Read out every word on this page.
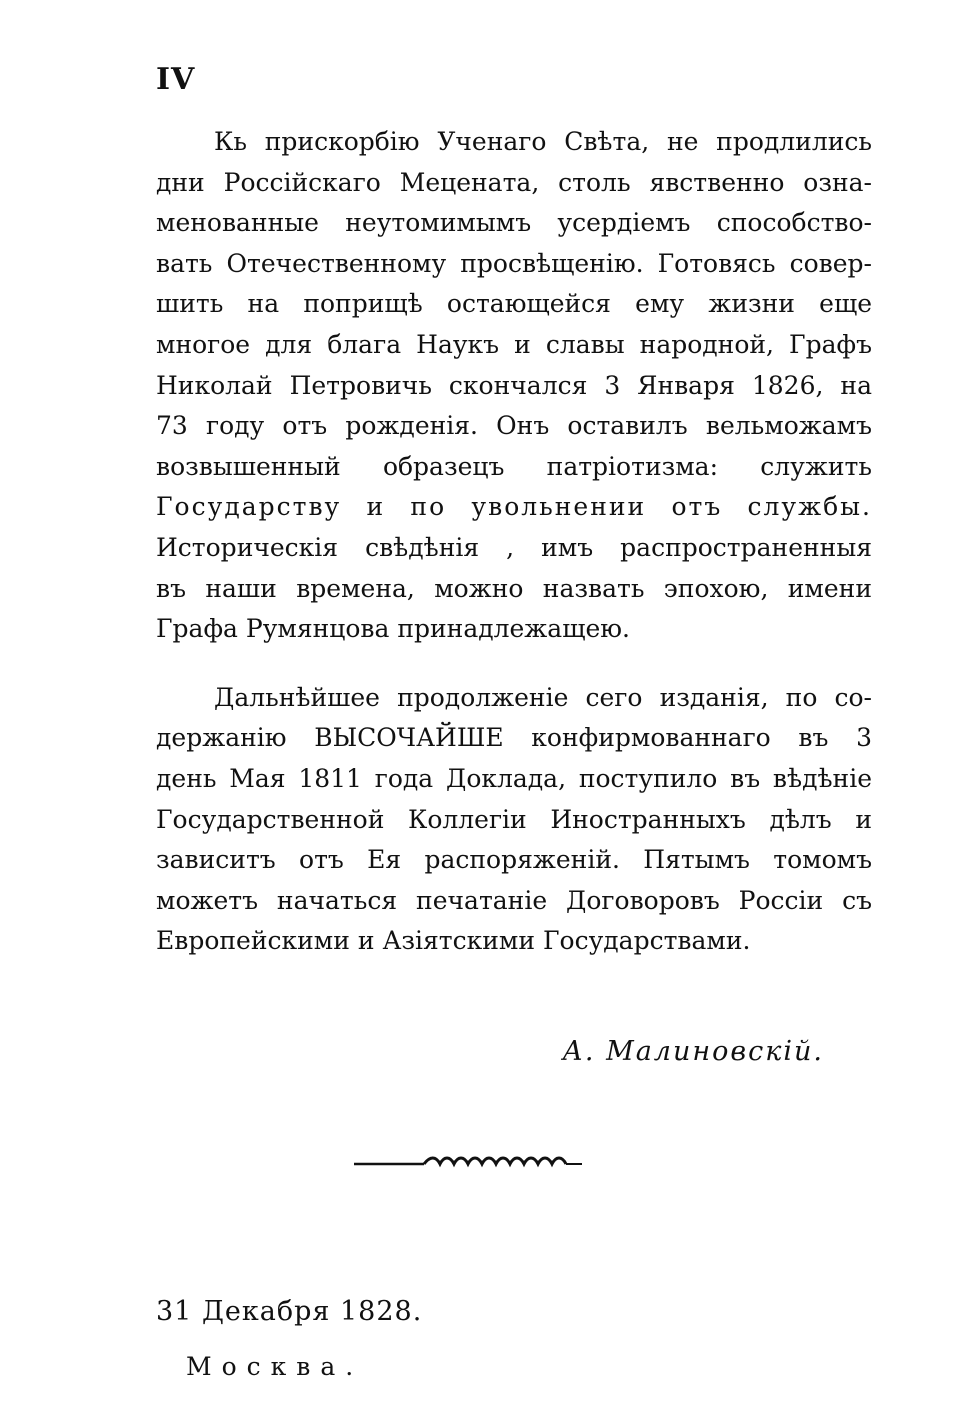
IV
Кь прискорбію Ученаго Свѣта, не продлились
дни Россійскаго Мецената, столь явственно озна-
менованные неутомимымъ усердіемъ способство-
вать Отечественному просвѣщенію. Готовясь совер-
шить на поприщѣ остающейся ему жизни еще
многое для блага Наукъ и славы народной, Графъ
Николай Петровичь скончался 3 Января 1826, на
73 году отъ рожденія. Онъ оставилъ вельможамъ
возвышенный образецъ патріотизма: служить
Государству и по увольнении отъ службы.
Историческія свѣдѣнія , имъ распространенныя
въ наши времена, можно назвать эпохою, имени
Графа Румянцова принадлежащею.
Дальнѣйшее продолженіе сего изданія, по со-
держанію ВЫСОЧАЙШЕ конфирмованнаго въ 3
день Мая 1811 года Доклада, поступило въ вѣдѣніе
Государственной Коллегіи Иностранныхъ дѣлъ и
зависитъ отъ Ея распоряженій. Пятымъ томомъ
можетъ начаться печатаніе Договоровъ Россіи съ
Европейскими и Азіятскими Государствами.
А. Малиновскій.
31 Декабря 1828.
Москва.
